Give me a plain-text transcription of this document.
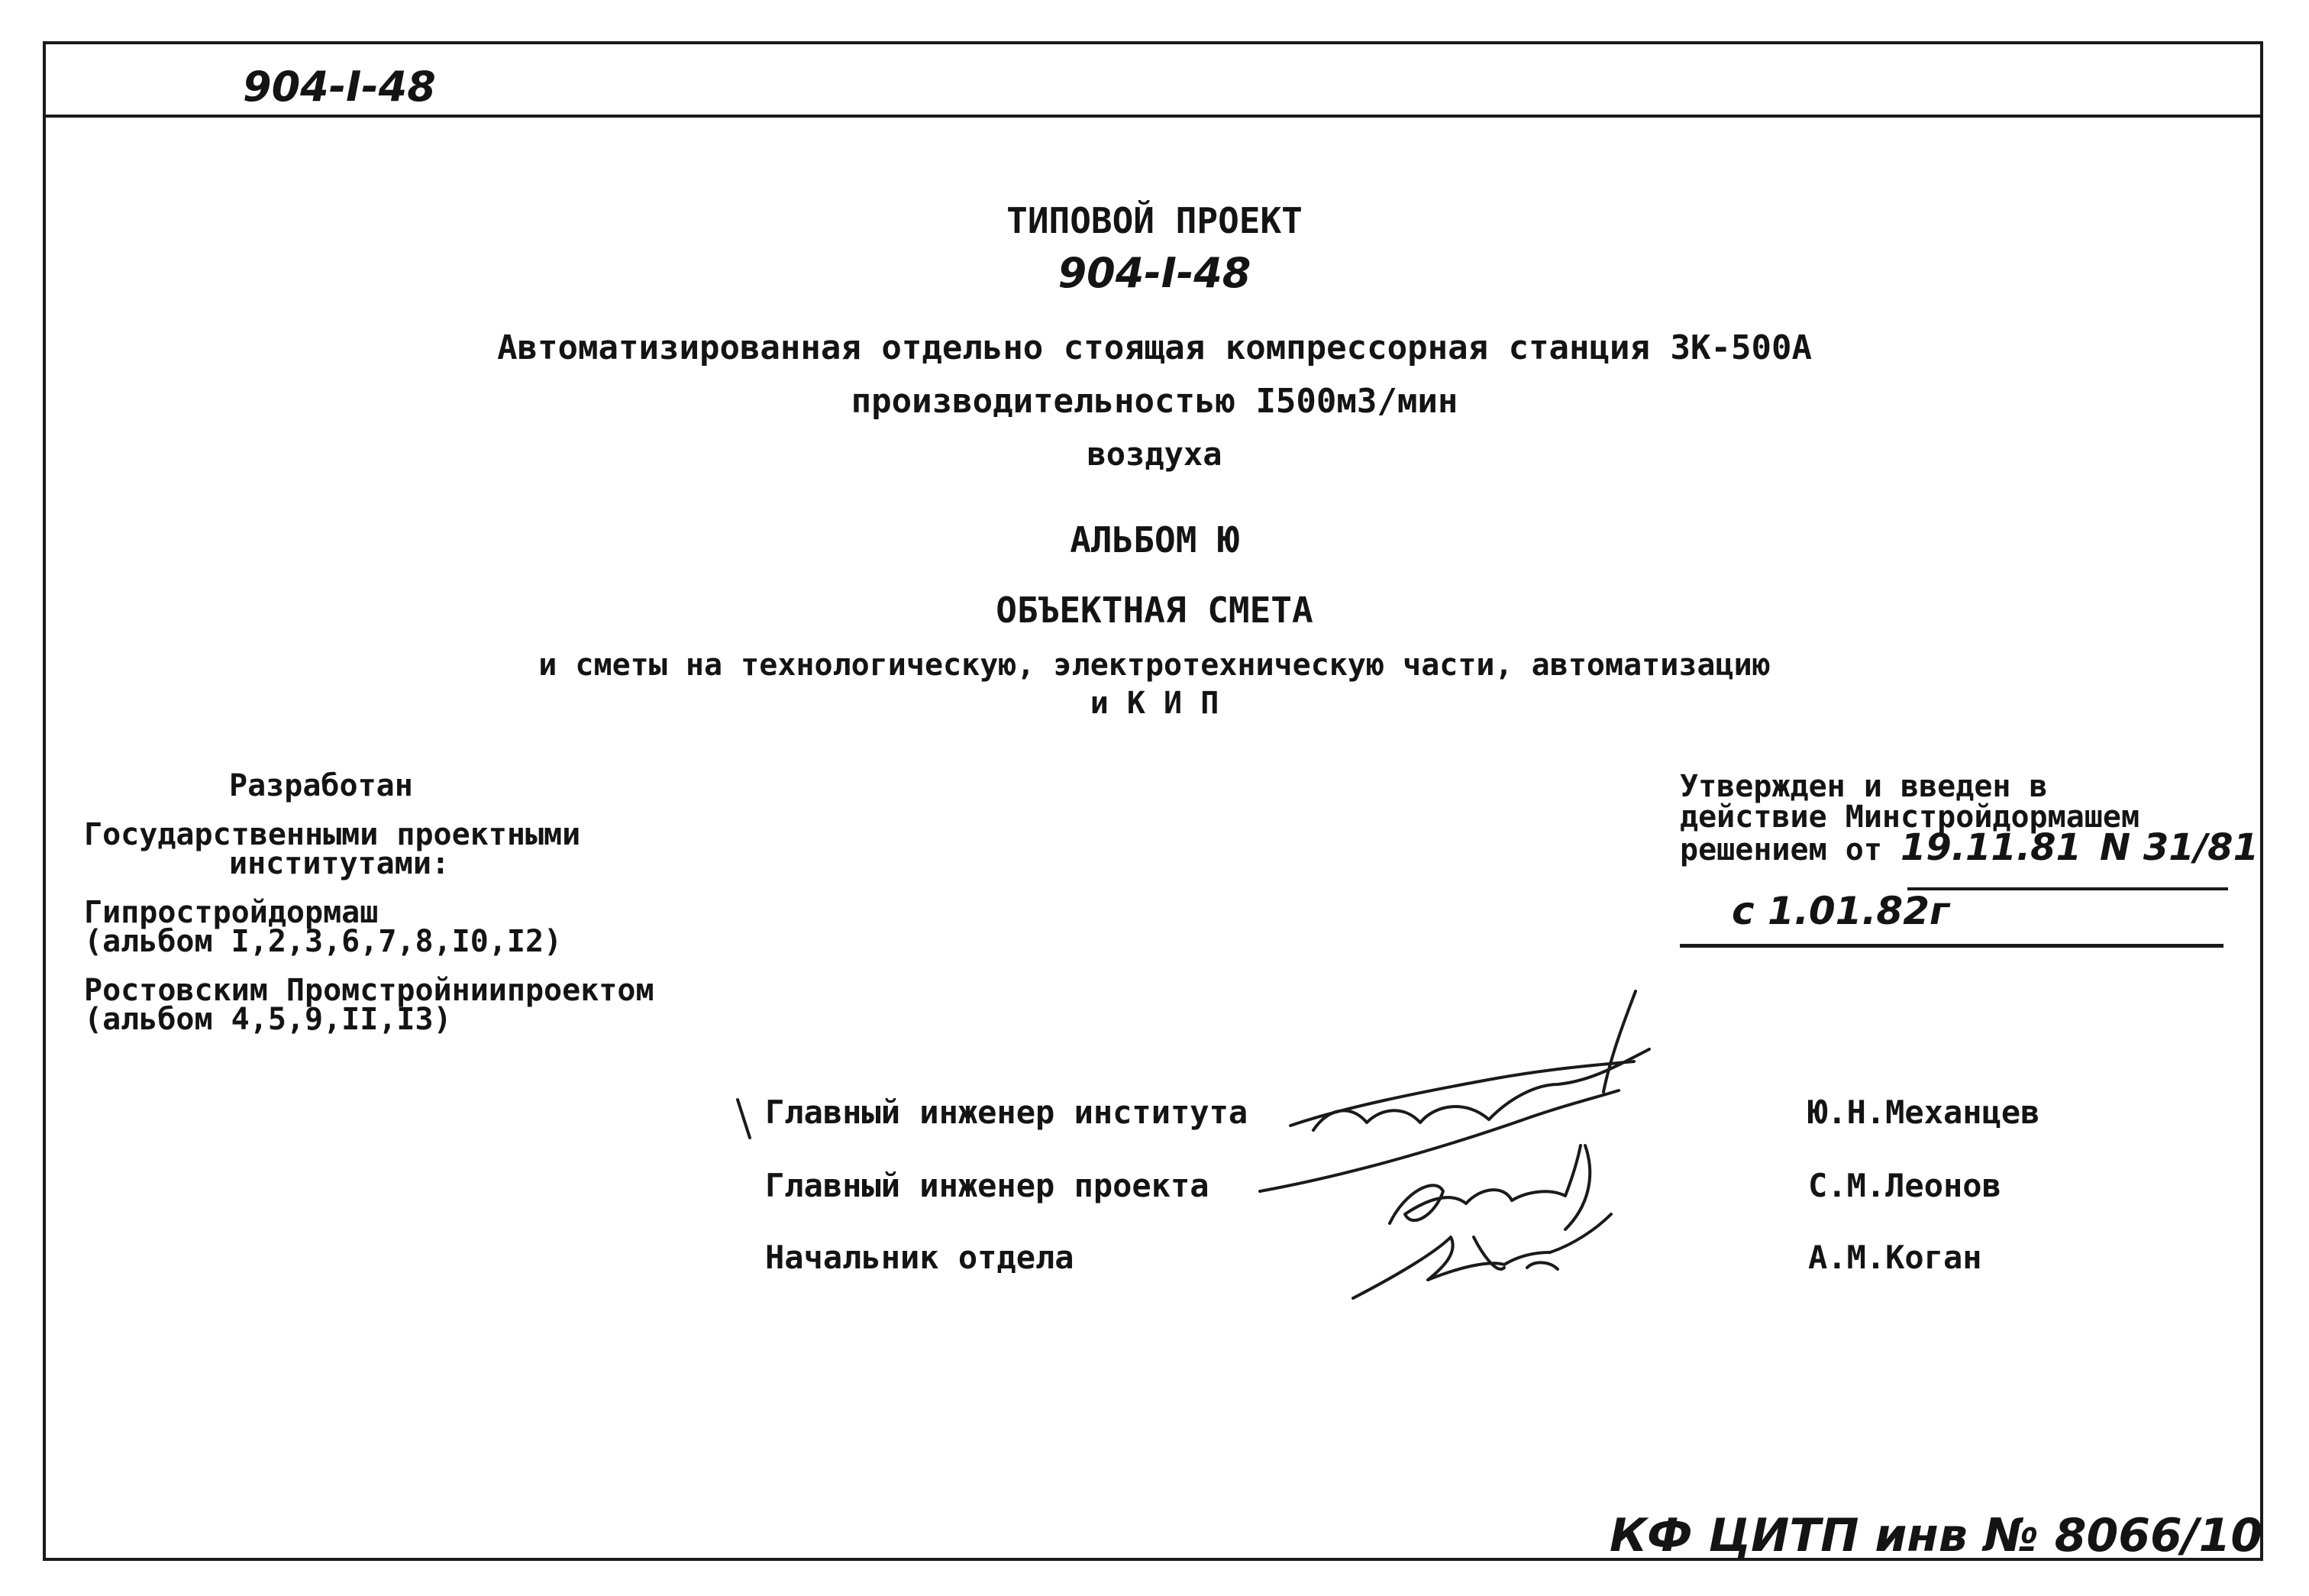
904-I-48
ТИПОВОЙ ПРОЕКТ
904-I-48
Автоматизированная отдельно стоящая компрессорная станция ЗК-500А
производительностью I500м3/мин
воздуха
АЛЬБОМ Ю
ОБЪЕКТНАЯ СМЕТА
и сметы на технологическую, электротехническую части, автоматизацию
и К И П
Разработан
Государственными проектными
институтами:
Гипростройдормаш
(альбом I,2,3,6,7,8,I0,I2)
Ростовским Промстройниипроектом
(альбом 4,5,9,II,I3)
Утвержден и введен в
действие Минстройдормашем
решением от 19.11.81 N 31/81
с 1.01.82г
Главный инженер института
Главный инженер проекта
Начальник отдела
Ю.Н.Механцев
С.М.Леонов
А.М.Коган
КФ ЦИТП инв № 8066/10
